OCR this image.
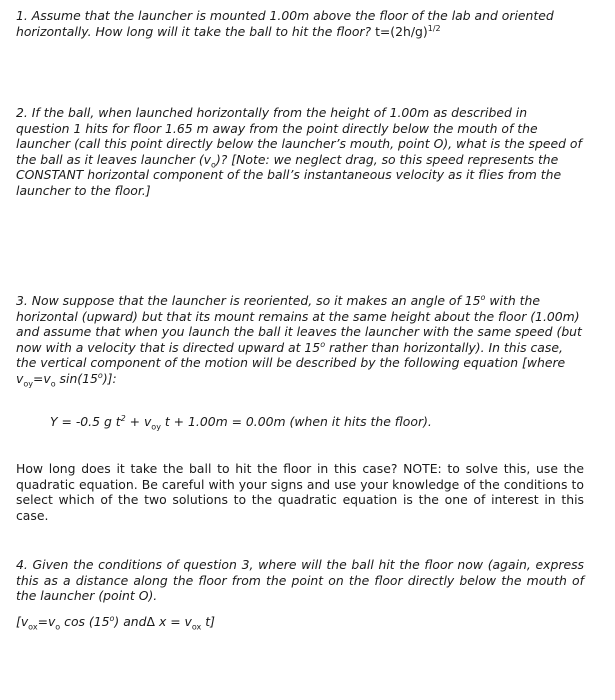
1. Assume that the launcher is mounted 1.00m above the floor of the lab and oriented horizontally. How long will it take the ball to hit the floor? $t=(2h/g)^{1/2}$

2. If the ball, when launched horizontally from the height of 1.00m as described in question 1 hits for floor 1.65 m away from the point directly below the mouth of the launcher (call this point directly below the launcher’s mouth, point O), what is the speed of the ball as it leaves launcher $(v_o)$? [Note: we neglect drag, so this speed represents the CONSTANT horizontal component of the ball’s instantaneous velocity as it flies from the launcher to the floor.]

3. Now suppose that the launcher is reoriented, so it makes an angle of 15$^o$ with the horizontal (upward) but that its mount remains at the same height about the floor (1.00m) and assume that when you launch the ball it leaves the launcher with the same speed (but now with a velocity that is directed upward at 15$^o$ rather than horizontally). In this case, the vertical component of the motion will be described by the following equation [where $v_{oy}=v_o$ sin(15$^o$)]:

Y = -0.5 g $t^2 + v_{oy}$ t + 1.00m = 0.00m (when it hits the floor).

How long does it take the ball to hit the floor in this case? NOTE: to solve this, use the quadratic equation. Be careful with your signs and use your knowledge of the conditions to select which of the two solutions to the quadratic equation is the one of interest in this case.

4. Given the conditions of question 3, where will the ball hit the floor now (again, express this as a distance along the floor from the point on the floor directly below the mouth of the launcher (point O).

[$v_{ox}=v_o$ cos (15$^o$) andΔ $x = v_{ox}$ t]
